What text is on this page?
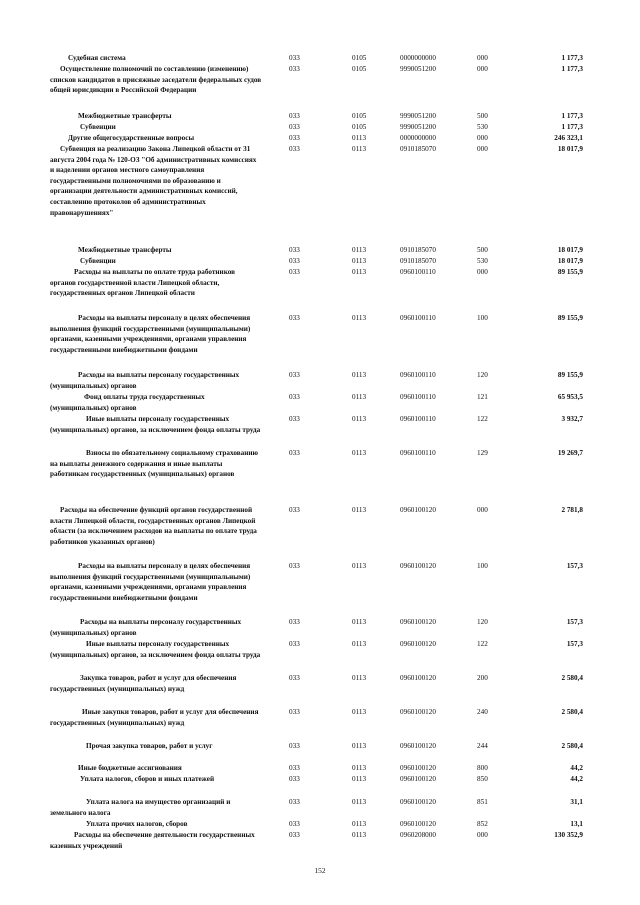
Судебная система	033	0105	0000000000	000	1 177,3
Осуществление полномочий по составлению (изменению) списков кандидатов в присяжные заседатели федеральных судов общей юрисдикции в Российской Федерации
033	0105	9990051200	000	1 177,3
Межбюджетные трансферты	033	0105	9990051200	500	1 177,3
Субвенции	033	0105	9990051200	530	1 177,3
Другие общегосударственные вопросы	033	0113	0000000000	000	246 323,1
Субвенция на реализацию Закона Липецкой области от 31 августа 2004 года № 120-ОЗ "Об административных комиссиях и наделении органов местного самоуправления государственными полномочиями по образованию и организации деятельности административных комиссий, составлению протоколов об административных правонарушениях"
033	0113	0910185070	000	18 017,9
Межбюджетные трансферты	033	0113	0910185070	500	18 017,9
Субвенции	033	0113	0910185070	530	18 017,9
Расходы на выплаты по оплате труда работников органов государственной власти Липецкой области, государственных органов Липецкой области
033	0113	0960100110	000	89 155,9
Расходы на выплаты персоналу в целях обеспечения выполнения функций государственными (муниципальными) органами, казенными учреждениями, органами управления государственными внебюджетными фондами
033	0113	0960100110	100	89 155,9
Расходы на выплаты персоналу государственных (муниципальных) органов
033	0113	0960100110	120	89 155,9
Фонд оплаты труда государственных (муниципальных) органов
033	0113	0960100110	121	65 953,5
Иные выплаты персоналу государственных (муниципальных) органов, за исключением фонда оплаты труда
033	0113	0960100110	122	3 932,7
Взносы по обязательному социальному страхованию на выплаты денежного содержания и иные выплаты работникам государственных (муниципальных) органов
033	0113	0960100110	129	19 269,7
Расходы на обеспечение функций органов государственной власти Липецкой области, государственных органов Липецкой области (за исключением расходов на выплаты по оплате труда работников указанных органов)
033	0113	0960100120	000	2 781,8
Расходы на выплаты персоналу в целях обеспечения выполнения функций государственными (муниципальными) органами, казенными учреждениями, органами управления государственными внебюджетными фондами
033	0113	0960100120	100	157,3
Расходы на выплаты персоналу государственных (муниципальных) органов
033	0113	0960100120	120	157,3
Иные выплаты персоналу государственных (муниципальных) органов, за исключением фонда оплаты труда
033	0113	0960100120	122	157,3
Закупка товаров, работ и услуг для обеспечения государственных (муниципальных) нужд
033	0113	0960100120	200	2 580,4
Иные закупки товаров, работ и услуг для обеспечения государственных (муниципальных) нужд
033	0113	0960100120	240	2 580,4
Прочая закупка товаров, работ и услуг	033	0113	0960100120	244	2 580,4
Иные бюджетные ассигнования	033	0113	0960100120	800	44,2
Уплата налогов, сборов и иных платежей	033	0113	0960100120	850	44,2
Уплата налога на имущество организаций и земельного налога
033	0113	0960100120	851	31,1
Уплата прочих налогов, сборов	033	0113	0960100120	852	13,1
Расходы на обеспечение деятельности государственных казенных учреждений
033	0113	0960208000	000	130 352,9
152
